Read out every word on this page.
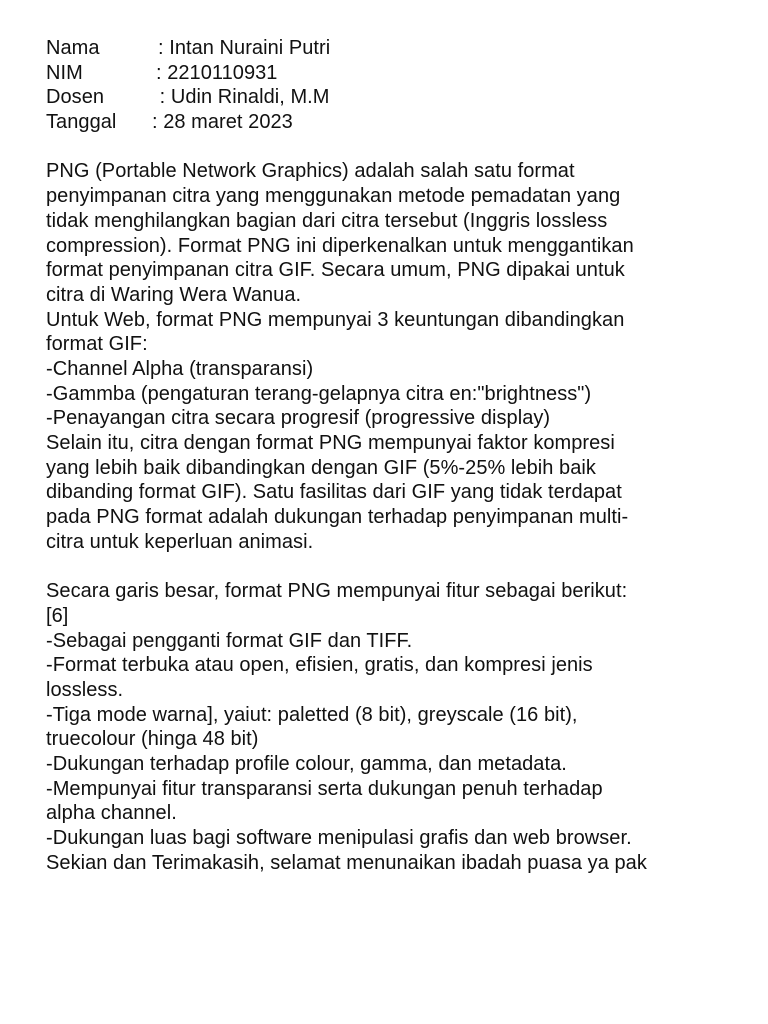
Nama	: Intan Nuraini Putri
NIM	: 2210110931
Dosen : Udin Rinaldi, M.M
Tanggal : 28 maret 2023
PNG (Portable Network Graphics) adalah salah satu format
penyimpanan citra yang menggunakan metode pemadatan yang
tidak menghilangkan bagian dari citra tersebut (Inggris lossless
compression). Format PNG ini diperkenalkan untuk menggantikan
format penyimpanan citra GIF. Secara umum, PNG dipakai untuk
citra di Waring Wera Wanua.
Untuk Web, format PNG mempunyai 3 keuntungan dibandingkan
format GIF:
-Channel Alpha (transparansi)
-Gammba (pengaturan terang-gelapnya citra en:"brightness")
-Penayangan citra secara progresif (progressive display)
Selain itu, citra dengan format PNG mempunyai faktor kompresi
yang lebih baik dibandingkan dengan GIF (5%-25% lebih baik
dibanding format GIF). Satu fasilitas dari GIF yang tidak terdapat
pada PNG format adalah dukungan terhadap penyimpanan multi-
citra untuk keperluan animasi.
Secara garis besar, format PNG mempunyai fitur sebagai berikut:
[6]
-Sebagai pengganti format GIF dan TIFF.
-Format terbuka atau open, efisien, gratis, dan kompresi jenis
lossless.
-Tiga mode warna], yaiut: paletted (8 bit), greyscale (16 bit),
truecolour (hinga 48 bit)
-Dukungan terhadap profile colour, gamma, dan metadata.
-Mempunyai fitur transparansi serta dukungan penuh terhadap
alpha channel.
-Dukungan luas bagi software menipulasi grafis dan web browser.
Sekian dan Terimakasih, selamat menunaikan ibadah puasa ya pak
